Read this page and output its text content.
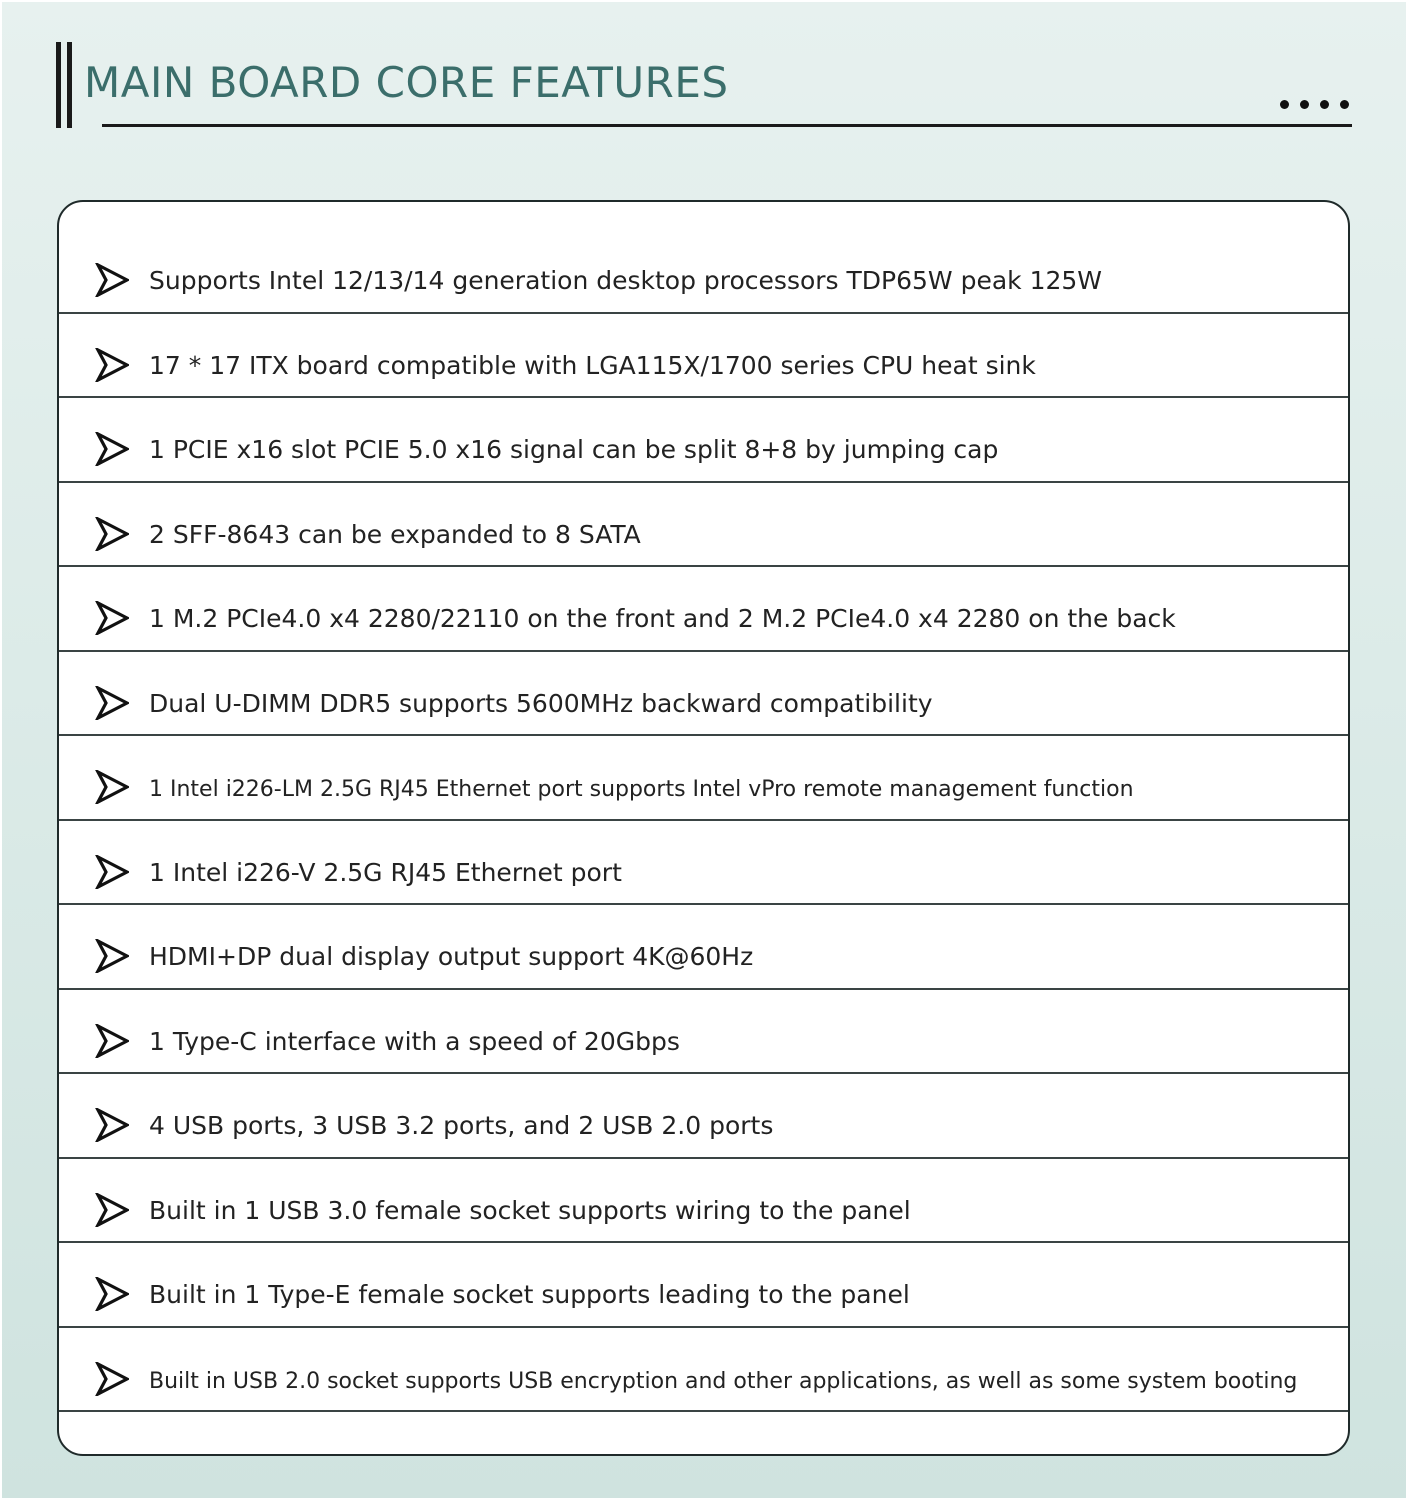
MAIN BOARD CORE FEATURES
Supports Intel 12/13/14 generation desktop processors TDP65W peak 125W
17 * 17 ITX board compatible with LGA115X/1700 series CPU heat sink
1 PCIE x16 slot PCIE 5.0 x16 signal can be split 8+8 by jumping cap
2 SFF-8643 can be expanded to 8 SATA
1 M.2 PCIe4.0 x4 2280/22110 on the front and 2 M.2 PCIe4.0 x4 2280 on the back
Dual U-DIMM DDR5 supports 5600MHz backward compatibility
1 Intel i226-LM 2.5G RJ45 Ethernet port supports Intel vPro remote management function
1 Intel i226-V 2.5G RJ45 Ethernet port
HDMI+DP dual display output support 4K@60Hz
1 Type-C interface with a speed of 20Gbps
4 USB ports, 3 USB 3.2 ports, and 2 USB 2.0 ports
Built in 1 USB 3.0 female socket supports wiring to the panel
Built in 1 Type-E female socket supports leading to the panel
Built in USB 2.0 socket supports USB encryption and other applications, as well as some system booting
